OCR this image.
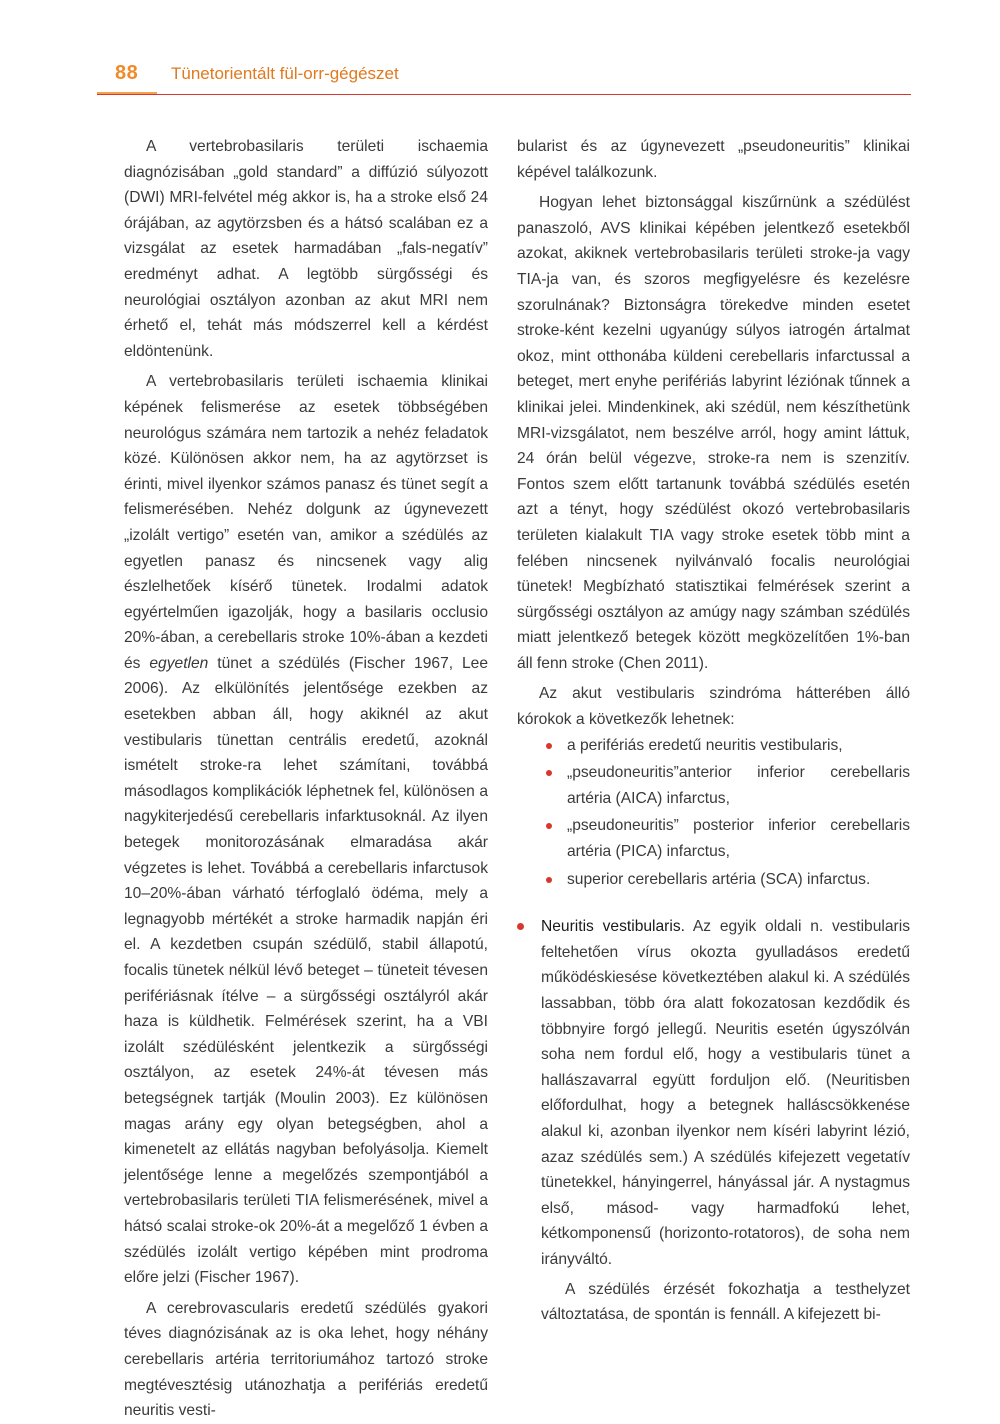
88 Tünetorientált fül-orr-gégészet

A vertebrobasilaris területi ischaemia diagnózisában „gold standard” a diffúzió súlyozott (DWI) MRI-felvétel még akkor is, ha a stroke első 24 órájában, az agytörzsben és a hátsó scalában ez a vizsgálat az esetek harmadában „fals-negatív” eredményt adhat. A legtöbb sürgősségi és neurológiai osztályon azonban az akut MRI nem érhető el, tehát más módszerrel kell a kérdést eldöntenünk.

A vertebrobasilaris területi ischaemia klinikai képének felismerése az esetek többségében neurológus számára nem tartozik a nehéz feladatok közé. Különösen akkor nem, ha az agytörzset is érinti, mivel ilyenkor számos panasz és tünet segít a felismerésében. Nehéz dolgunk az úgynevezett „izolált vertigo” esetén van, amikor a szédülés az egyetlen panasz és nincsenek vagy alig észlelhetőek kísérő tünetek. Irodalmi adatok egyértelműen igazolják, hogy a basilaris occlusio 20%-ában, a cerebellaris stroke 10%-ában a kezdeti és egyetlen tünet a szédülés (Fischer 1967, Lee 2006). Az elkülönítés jelentősége ezekben az esetekben abban áll, hogy akiknél az akut vestibularis tünettan centrális eredetű, azoknál ismételt stroke-ra lehet számítani, továbbá másodlagos komplikációk léphetnek fel, különösen a nagykiterjedésű cerebellaris infarktusoknál. Az ilyen betegek monitorozásának elmaradása akár végzetes is lehet. Továbbá a cerebellaris infarctusok 10–20%-ában várható térfoglaló ödéma, mely a legnagyobb mértékét a stroke harmadik napján éri el. A kezdetben csupán szédülő, stabil állapotú, focalis tünetek nélkül lévő beteget – tüneteit tévesen perifériásnak ítélve – a sürgősségi osztályról akár haza is küldhetik. Felmérések szerint, ha a VBI izolált szédülésként jelentkezik a sürgősségi osztályon, az esetek 24%-át tévesen más betegségnek tartják (Moulin 2003). Ez különösen magas arány egy olyan betegségben, ahol a kimenetelt az ellátás nagyban befolyásolja. Kiemelt jelentősége lenne a megelőzés szempontjából a vertebrobasilaris területi TIA felismerésének, mivel a hátsó scalai stroke-ok 20%-át a megelőző 1 évben a szédülés izolált vertigo képében mint prodroma előre jelzi (Fischer 1967).

A cerebrovascularis eredetű szédülés gyakori téves diagnózisának az is oka lehet, hogy néhány cerebellaris artéria territoriumához tartozó stroke megtévesztésig utánozhatja a perifériás eredetű neuritis vesti-

bularist és az úgynevezett „pseudoneuritis” klinikai képével találkozunk.

Hogyan lehet biztonsággal kiszűrnünk a szédülést panaszoló, AVS klinikai képében jelentkező esetekből azokat, akiknek vertebrobasilaris területi stroke-ja vagy TIA-ja van, és szoros megfigyelésre és kezelésre szorulnának? Biztonságra törekedve minden esetet stroke-ként kezelni ugyanúgy súlyos iatrogén ártalmat okoz, mint otthonába küldeni cerebellaris infarctussal a beteget, mert enyhe perifériás labyrint léziónak tűnnek a klinikai jelei. Mindenkinek, aki szédül, nem készíthetünk MRI-vizsgálatot, nem beszélve arról, hogy amint láttuk, 24 órán belül végezve, stroke-ra nem is szenzitív. Fontos szem előtt tartanunk továbbá szédülés esetén azt a tényt, hogy szédülést okozó vertebrobasilaris területen kialakult TIA vagy stroke esetek több mint a felében nincsenek nyilvánvaló focalis neurológiai tünetek! Megbízható statisztikai felmérések szerint a sürgősségi osztályon az amúgy nagy számban szédülés miatt jelentkező betegek között megközelítően 1%-ban áll fenn stroke (Chen 2011).

Az akut vestibularis szindróma hátterében álló kórokok a következők lehetnek:

a perifériás eredetű neuritis vestibularis,
„pseudoneuritis”anterior inferior cerebellaris artéria (AICA) infarctus,
„pseudoneuritis” posterior inferior cerebellaris artéria (PICA) infarctus,
superior cerebellaris artéria (SCA) infarctus.

Neuritis vestibularis. Az egyik oldali n. vestibularis feltehetően vírus okozta gyulladásos eredetű működéskiesése következtében alakul ki. A szédülés lassabban, több óra alatt fokozatosan kezdődik és többnyire forgó jellegű. Neuritis esetén úgyszólván soha nem fordul elő, hogy a vestibularis tünet a hallászavarral együtt forduljon elő. (Neuritisben előfordulhat, hogy a betegnek halláscsökkenése alakul ki, azonban ilyenkor nem kíséri labyrint lézió, azaz szédülés sem.) A szédülés kifejezett vegetatív tünetekkel, hányingerrel, hányással jár. A nystagmus első, másod- vagy harmadfokú lehet, kétkomponensű (horizonto-rotatoros), de soha nem irányváltó.

A szédülés érzését fokozhatja a testhelyzet változtatása, de spontán is fennáll. A kifejezett bi-
